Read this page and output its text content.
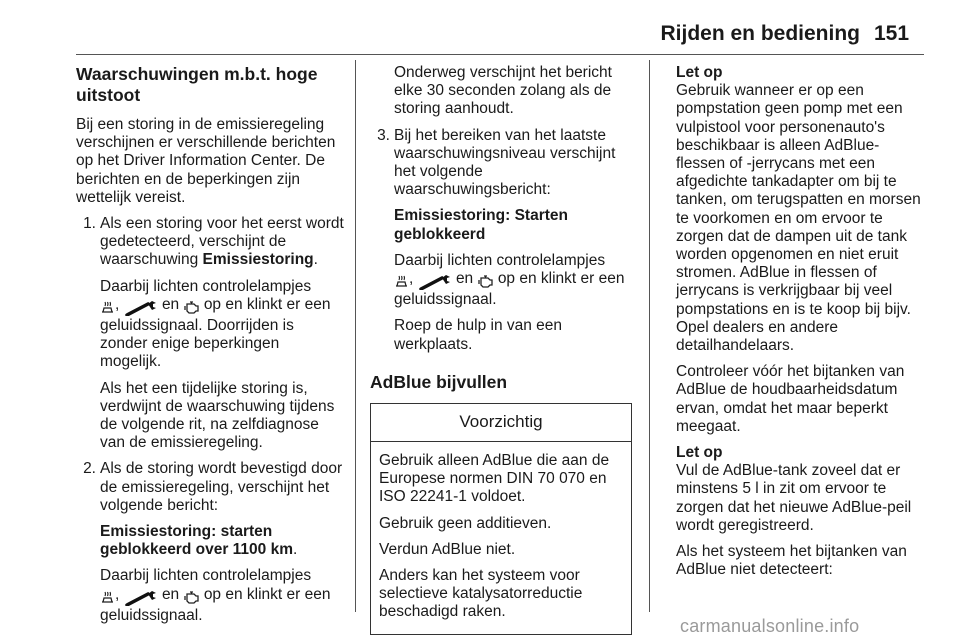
Rijden en bediening 151
Waarschuwingen m.b.t. hoge uitstoot

Bij een storing in de emissieregeling verschijnen er verschillende berichten op het Driver Information Center. De berichten en de beperkingen zijn wettelijk vereist.

1. Als een storing voor het eerst wordt gedetecteerd, verschijnt de waarschuwing Emissiestoring.

Daarbij lichten controlelampjes
,  en op en klinkt er een geluidssignaal. Doorrijden is zonder enige beperkingen mogelijk.

Als het een tijdelijke storing is, verdwijnt de waarschuwing tijdens de volgende rit, na zelfdiagnose van de emissieregeling.

2. Als de storing wordt bevestigd door de emissieregeling, verschijnt het volgende bericht:

Emissiestoring: starten geblokkeerd over 1100 km.

Daarbij lichten controlelampjes
,  en op en klinkt er een geluidssignaal.

Onderweg verschijnt het bericht elke 30 seconden zolang als de storing aanhoudt.

3. Bij het bereiken van het laatste waarschuwingsniveau verschijnt het volgende waarschuwingsbericht:

Emissiestoring: Starten geblokkeerd

Daarbij lichten controlelampjes
,  en op en klinkt er een geluidssignaal.

Roep de hulp in van een werkplaats.

AdBlue bijvullen
Voorzichtig

Gebruik alleen AdBlue die aan de Europese normen DIN 70 070 en ISO 22241-1 voldoet.

Gebruik geen additieven.

Verdun AdBlue niet.

Anders kan het systeem voor selectieve katalysatorreductie beschadigd raken.

Let op

Gebruik wanneer er op een pompstation geen pomp met een vulpistool voor personenauto's beschikbaar is alleen AdBlue-flessen of -jerrycans met een afgedichte tankadapter om bij te tanken, om terugspatten en morsen te voorkomen en om ervoor te zorgen dat de dampen uit de tank worden opgenomen en niet eruit stromen. AdBlue in flessen of jerrycans is verkrijgbaar bij veel pompstations en is te koop bij bijv. Opel dealers en andere detailhandelaars.

Controleer vóór het bijtanken van AdBlue de houdbaarheidsdatum ervan, omdat het maar beperkt meegaat.

Let op

Vul de AdBlue-tank zoveel dat er minstens 5 l in zit om ervoor te zorgen dat het nieuwe AdBlue-peil wordt geregistreerd.

Als het systeem het bijtanken van AdBlue niet detecteert:

carmanualsonline.info
